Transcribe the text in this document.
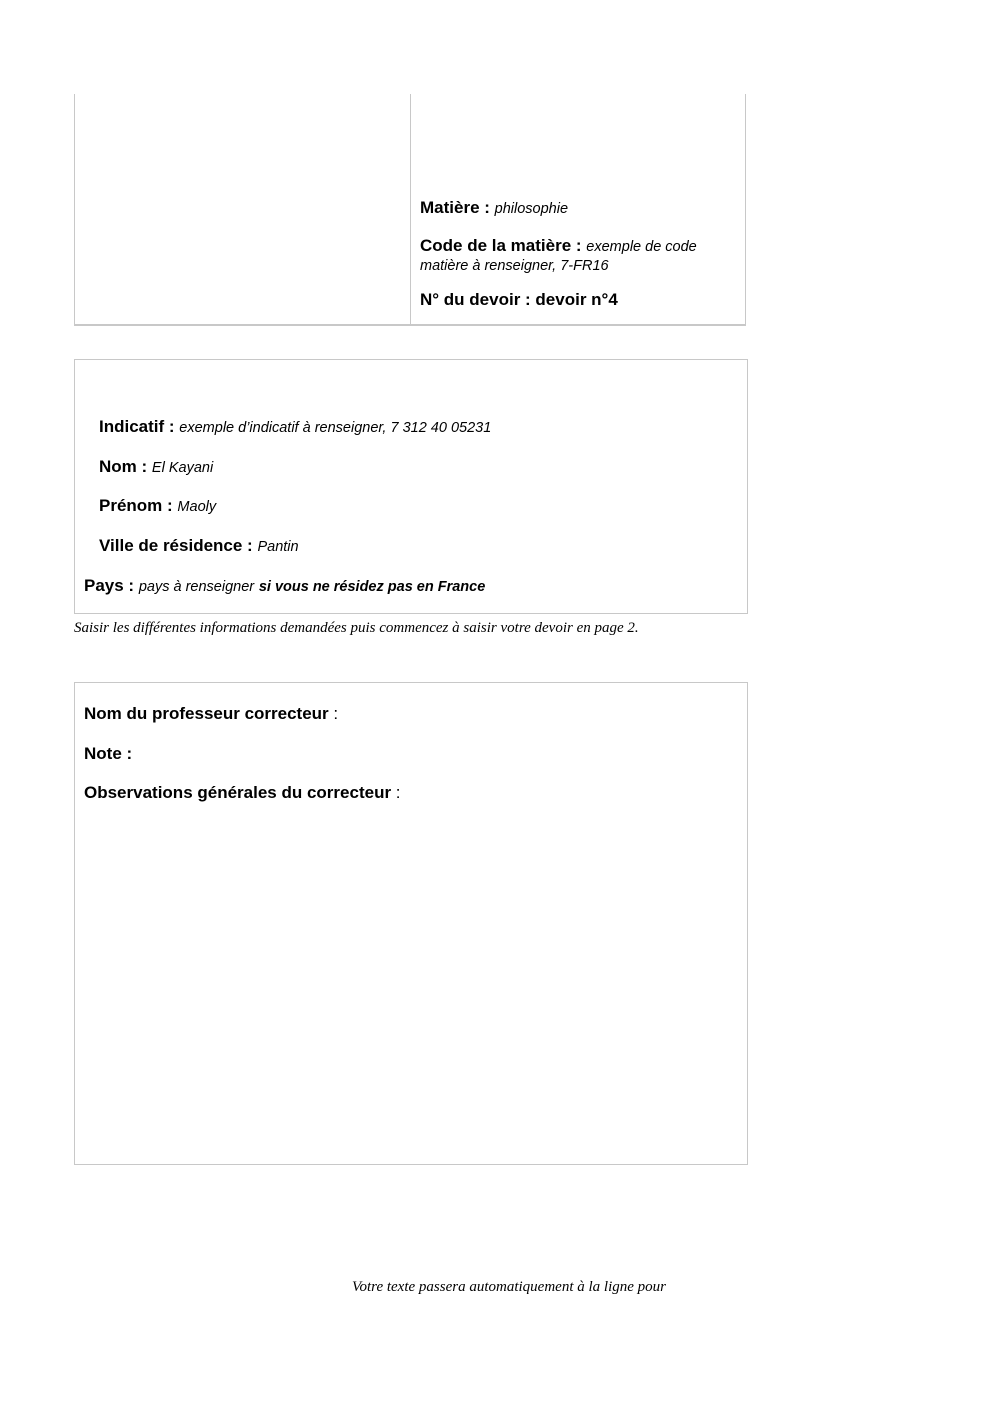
Matière : philosophie
Code de la matière : exemple de code
matière à renseigner, 7-FR16
N° du devoir : devoir n°4
Indicatif : exemple d’indicatif à renseigner, 7 312 40 05231
Nom : El Kayani
Prénom : Maoly
Ville de résidence : Pantin
Pays : pays à renseigner si vous ne résidez pas en France
Saisir les différentes informations demandées puis commencez à saisir votre devoir en page 2.
Nom du professeur correcteur :
Note :
Observations générales du correcteur :
Votre texte passera automatiquement à la ligne pour
